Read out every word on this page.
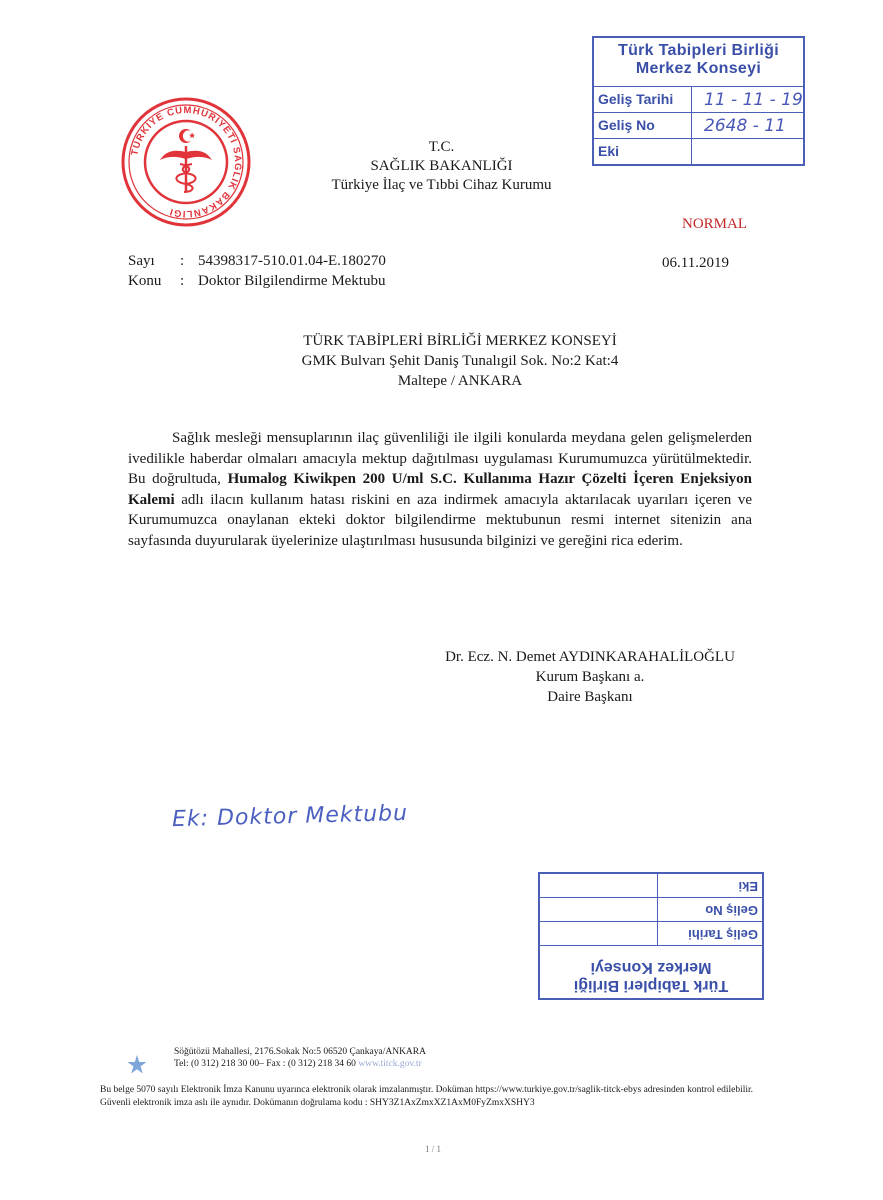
TÜRKİYE CUMHURİYETİ SAĞLIK BAKANLIĞI
T.C.
SAĞLIK BAKANLIĞI
Türkiye İlaç ve Tıbbi Cihaz Kurumu
Türk Tabipleri Birliği
Merkez Konseyi
Geliş Tarihi	11 - 11 - 19
Geliş No	2648 - 11
Eki
NORMAL
Sayı : 54398317-510.01.04-E.180270
Konu : Doktor Bilgilendirme Mektubu
06.11.2019
TÜRK TABİPLERİ BİRLİĞİ MERKEZ KONSEYİ
GMK Bulvarı Şehit Daniş Tunalıgil Sok. No:2 Kat:4
Maltepe / ANKARA
Sağlık mesleği mensuplarının ilaç güvenliliği ile ilgili konularda meydana gelen gelişmelerden ivedilikle haberdar olmaları amacıyla mektup dağıtılması uygulaması Kurumumuzca yürütülmektedir. Bu doğrultuda, Humalog Kiwikpen 200 U/ml S.C. Kullanıma Hazır Çözelti İçeren Enjeksiyon Kalemi adlı ilacın kullanım hatası riskini en aza indirmek amacıyla aktarılacak uyarıları içeren ve Kurumumuzca onaylanan ekteki doktor bilgilendirme mektubunun resmi internet sitenizin ana sayfasında duyurularak üyelerinize ulaştırılması hususunda bilginizi ve gereğini rica ederim.
Dr. Ecz. N. Demet AYDINKARAHALİLOĞLU
Kurum Başkanı a.
Daire Başkanı
Ek: Doktor Mektubu
Türk Tabipleri Birliği
Merkez Konseyi
Geliş Tarihi
Geliş No
Eki
Söğütözü Mahallesi, 2176.Sokak No:5 06520 Çankaya/ANKARA
Tel: (0 312) 218 30 00– Fax : (0 312) 218 34 60 www.titck.gov.tr
Bu belge 5070 sayılı Elektronik İmza Kanunu uyarınca elektronik olarak imzalanmıştır. Doküman https://www.turkiye.gov.tr/saglik-titck-ebys adresinden kontrol edilebilir. Güvenli elektronik imza aslı ile aynıdır. Dokümanın doğrulama kodu : SHY3Z1AxZmxXZ1AxM0FyZmxXSHY3
1 / 1
